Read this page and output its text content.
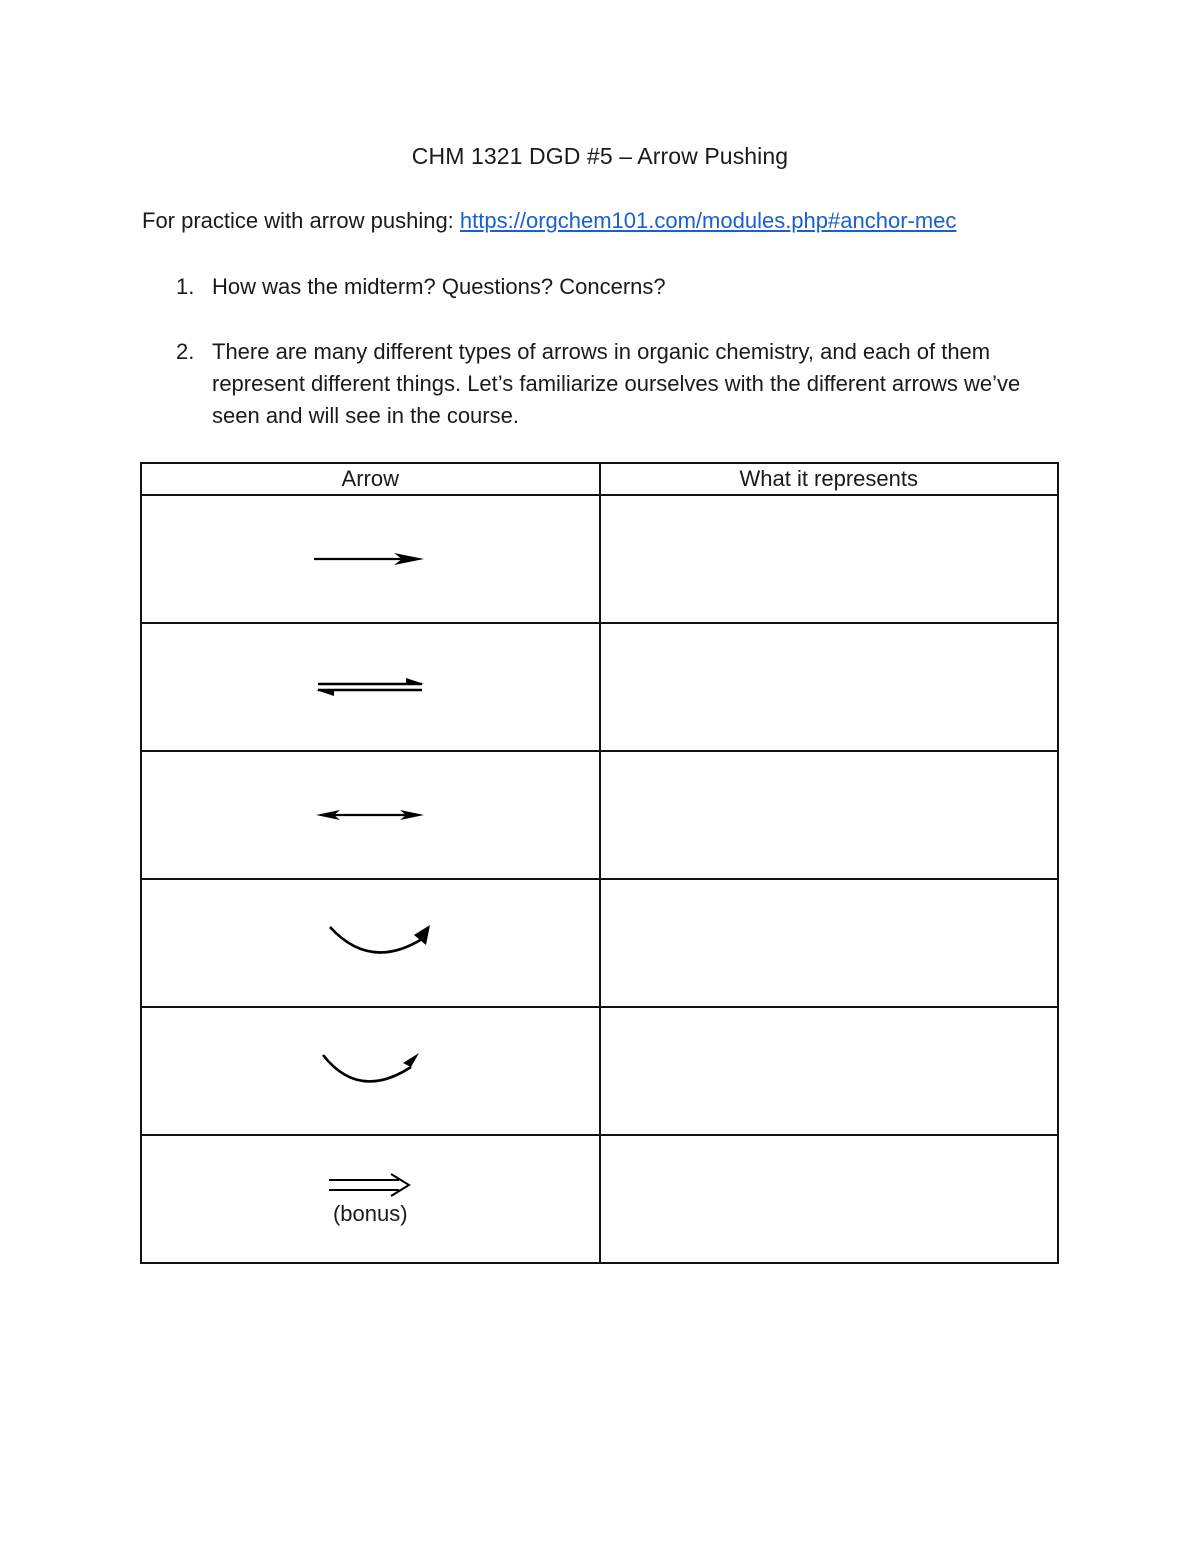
CHM 1321 DGD #5 – Arrow Pushing
For practice with arrow pushing: https://orgchem101.com/modules.php#anchor-mec
1. How was the midterm? Questions? Concerns?
2. There are many different types of arrows in organic chemistry, and each of them represent different things. Let’s familiarize ourselves with the different arrows we’ve seen and will see in the course.
Arrow	What it represents

(bonus)	
